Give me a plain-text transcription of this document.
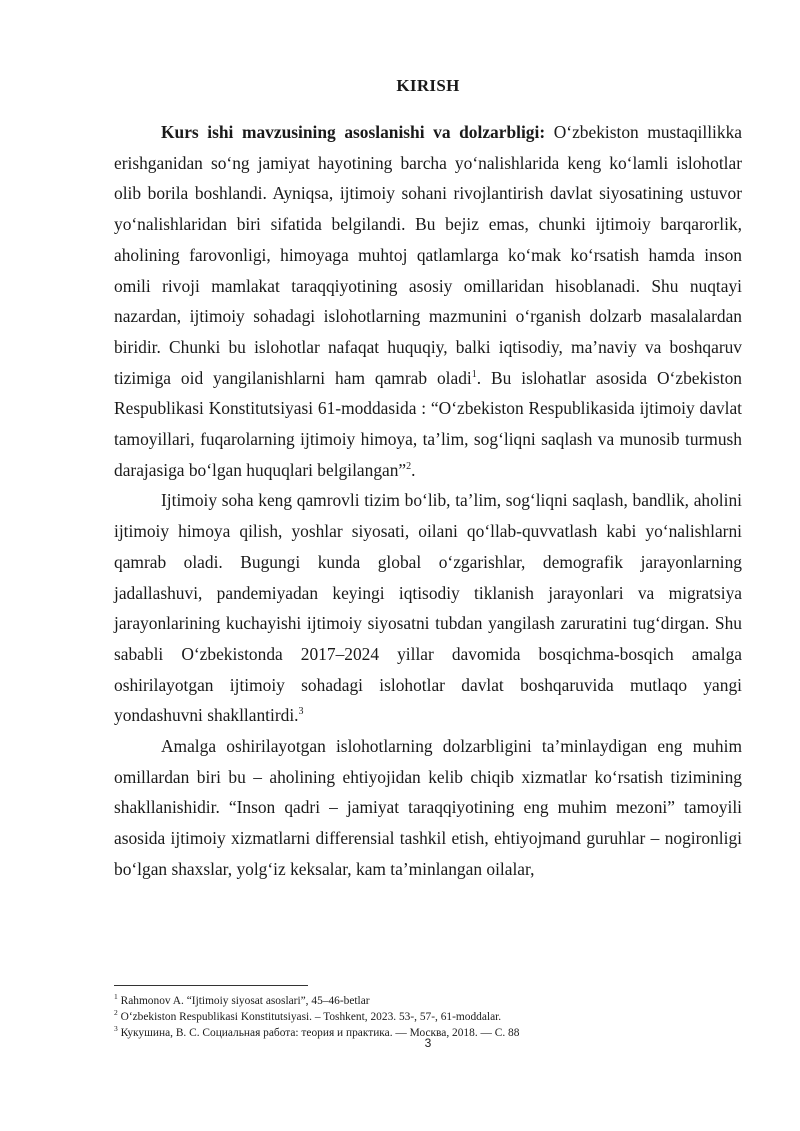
KIRISH

Kurs ishi mavzusining asoslanishi va dolzarbligi: O‘zbekiston mustaqillikka erishganidan so‘ng jamiyat hayotining barcha yo‘nalishlarida keng ko‘lamli islohotlar olib borila boshlandi. Ayniqsa, ijtimoiy sohani rivojlantirish davlat siyosatining ustuvor yo‘nalishlaridan biri sifatida belgilandi. Bu bejiz emas, chunki ijtimoiy barqarorlik, aholining farovonligi, himoyaga muhtoj qatlamlarga ko‘mak ko‘rsatish hamda inson omili rivoji mamlakat taraqqiyotining asosiy omillaridan hisoblanadi. Shu nuqtayi nazardan, ijtimoiy sohadagi islohotlarning mazmunini o‘rganish dolzarb masalalardan biridir. Chunki bu islohotlar nafaqat huquqiy, balki iqtisodiy, ma’naviy va boshqaruv tizimiga oid yangilanishlarni ham qamrab oladi$^1$. Bu islohatlar asosida O‘zbekiston Respublikasi Konstitutsiyasi 61-moddasida : “O‘zbekiston Respublikasida ijtimoiy davlat tamoyillari, fuqarolarning ijtimoiy himoya, ta’lim, sog‘liqni saqlash va munosib turmush darajasiga bo‘lgan huquqlari belgilangan”$^2$.

Ijtimoiy soha keng qamrovli tizim bo‘lib, ta’lim, sog‘liqni saqlash, bandlik, aholini ijtimoiy himoya qilish, yoshlar siyosati, oilani qo‘llab-quvvatlash kabi yo‘nalishlarni qamrab oladi. Bugungi kunda global o‘zgarishlar, demografik jarayonlarning jadallashuvi, pandemiyadan keyingi iqtisodiy tiklanish jarayonlari va migratsiya jarayonlarining kuchayishi ijtimoiy siyosatni tubdan yangilash zaruratini tug‘dirgan. Shu sababli O‘zbekistonda 2017–2024 yillar davomida bosqichma-bosqich amalga oshirilayotgan ijtimoiy sohadagi islohotlar davlat boshqaruvida mutlaqo yangi yondashuvni shakllantirdi.$^3$

Amalga oshirilayotgan islohotlarning dolzarbligini ta’minlaydigan eng muhim omillardan biri bu – aholining ehtiyojidan kelib chiqib xizmatlar ko‘rsatish tizimining shakllanishidir. “Inson qadri – jamiyat taraqqiyotining eng muhim mezoni” tamoyili asosida ijtimoiy xizmatlarni differensial tashkil etish, ehtiyojmand guruhlar – nogironligi bo‘lgan shaxslar, yolg‘iz keksalar, kam ta’minlangan oilalar,

$^1$ Rahmonov A. “Ijtimoiy siyosat asoslari”, 45–46-betlar
$^2$ O‘zbekiston Respublikasi Konstitutsiyasi. – Toshkent, 2023. 53-, 57-, 61-moddalar.
$^3$ Кукушина, В. С. Социальная работа: теория и практика. — Москва, 2018. — С. 88
3
